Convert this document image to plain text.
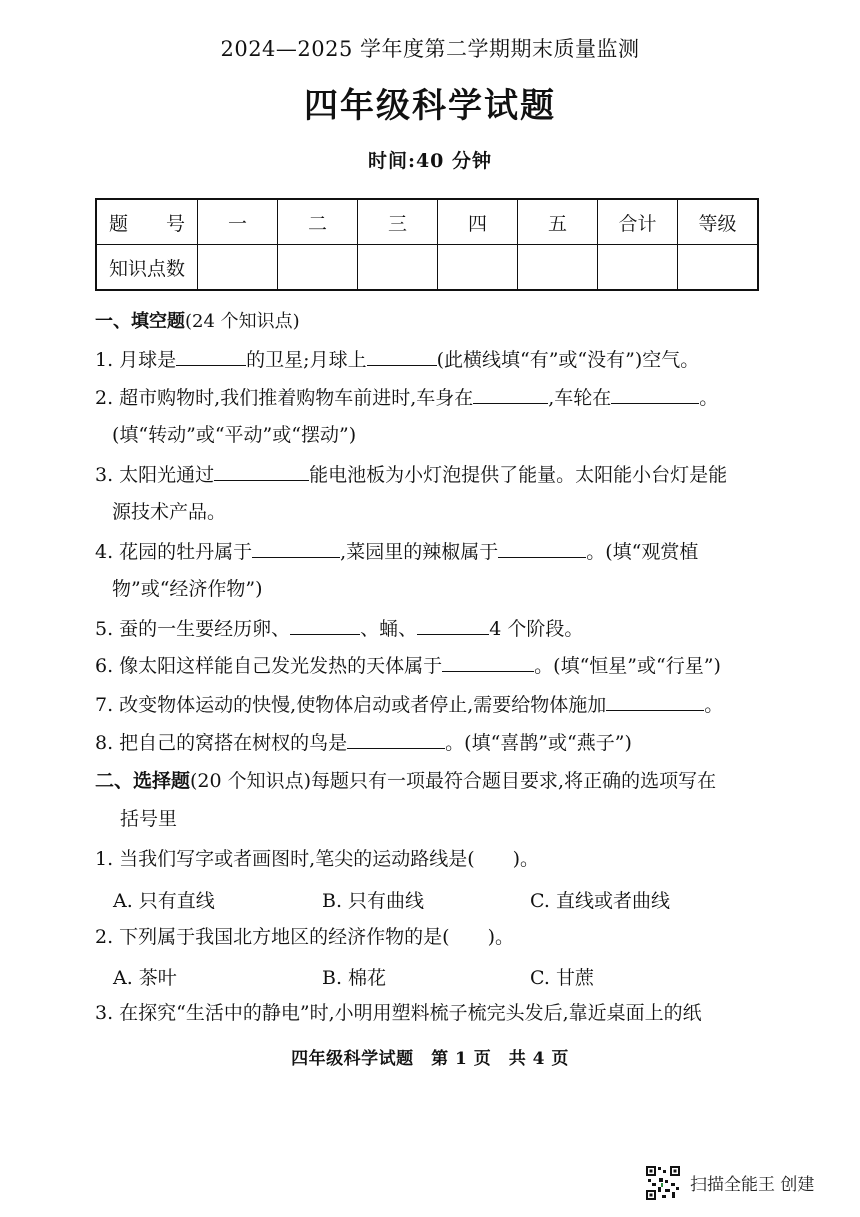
2024—2025 学年度第二学期期末质量监测
四年级科学试题
时间:40 分钟
题　　号	一	二	三	四	五	合计	等级
知识点数							
一、填空题(24 个知识点)
1. 月球是	的卫星;月球上	(此横线填“有”或“没有”)空气。
2. 超市购物时,我们推着购物车前进时,车身在	,车轮在	。
(填“转动”或“平动”或“摆动”)
3. 太阳光通过	能电池板为小灯泡提供了能量。太阳能小台灯是能
源技术产品。
4. 花园的牡丹属于	,菜园里的辣椒属于	。(填“观赏植
物”或“经济作物”)
5. 蚕的一生要经历卵、	、蛹、	4 个阶段。
6. 像太阳这样能自己发光发热的天体属于	。(填“恒星”或“行星”)
7. 改变物体运动的快慢,使物体启动或者停止,需要给物体施加	。
8. 把自己的窝搭在树杈的鸟是	。(填“喜鹊”或“燕子”)
二、选择题(20 个知识点)每题只有一项最符合题目要求,将正确的选项写在
括号里
1. 当我们写字或者画图时,笔尖的运动路线是(　　)。
A. 只有直线	B. 只有曲线	C. 直线或者曲线
2. 下列属于我国北方地区的经济作物的是(　　)。
A. 茶叶	B. 棉花	C. 甘蔗
3. 在探究“生活中的静电”时,小明用塑料梳子梳完头发后,靠近桌面上的纸
四年级科学试题　第 1 页　共 4 页
扫描全能王 创建
